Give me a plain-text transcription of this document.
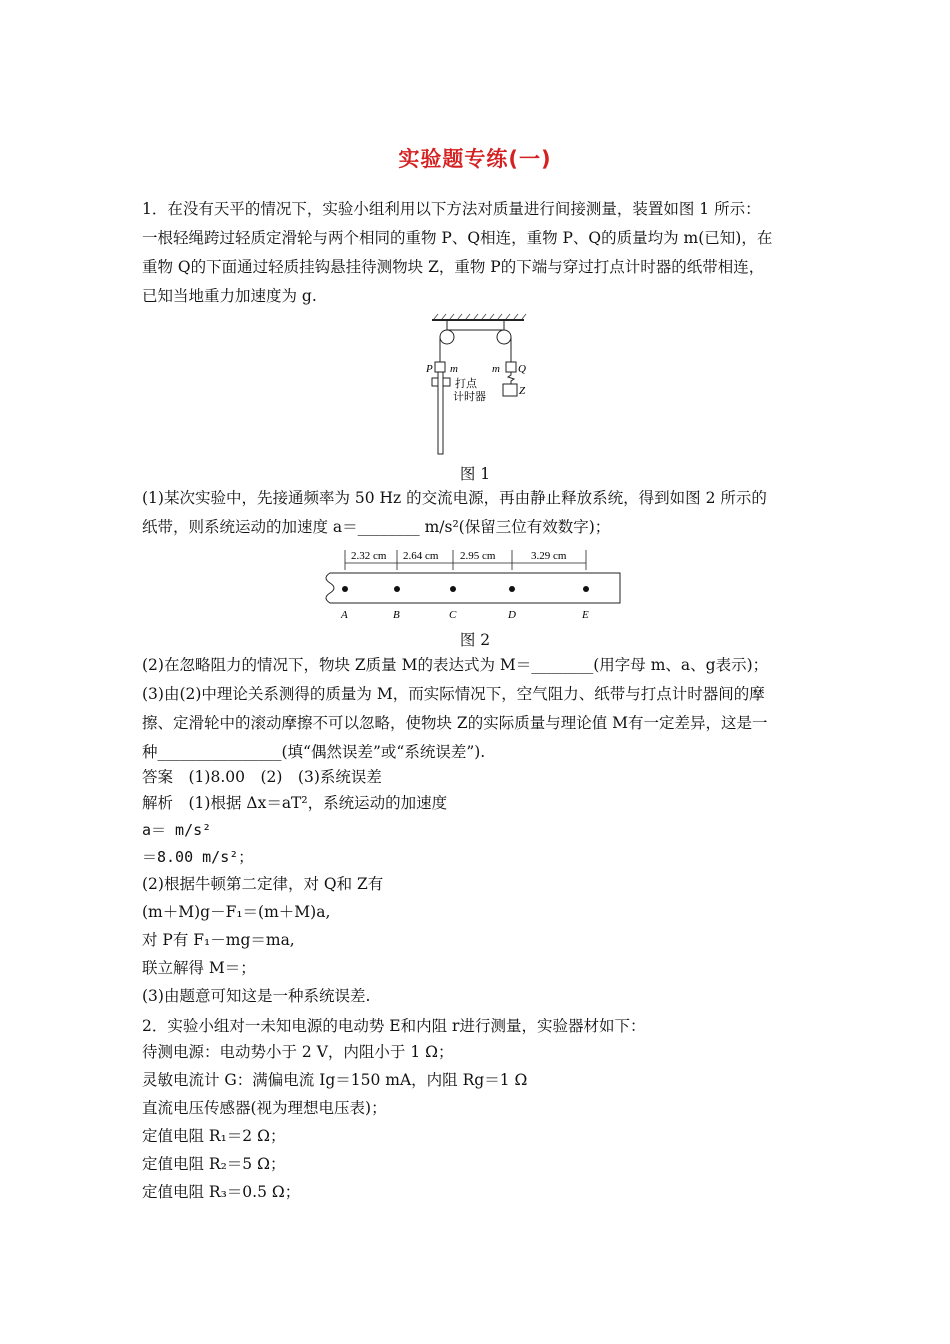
实验题专练(一)
1．在没有天平的情况下，实验小组利用以下方法对质量进行间接测量，装置如图 1 所示：
一根轻绳跨过轻质定滑轮与两个相同的重物 P、Q相连，重物 P、Q的质量均为 m(已知)，在
重物 Q的下面通过轻质挂钩悬挂待测物块 Z，重物 P的下端与穿过打点计时器的纸带相连，
已知当地重力加速度为 g.
P m	m Q
Z
打点
计时器
图 1
(1)某次实验中，先接通频率为 50 Hz 的交流电源，再由静止释放系统，得到如图 2 所示的
纸带，则系统运动的加速度 a＝________ m/s²(保留三位有效数字)；
2.32 cm 2.64 cm 2.95 cm	3.29 cm
A	B	C	D	E
图 2
(2)在忽略阻力的情况下，物块 Z质量 M的表达式为 M＝________(用字母 m、a、g表示)；
(3)由(2)中理论关系测得的质量为 M，而实际情况下，空气阻力、纸带与打点计时器间的摩
擦、定滑轮中的滚动摩擦不可以忽略，使物块 Z的实际质量与理论值 M有一定差异，这是一
种________________(填“偶然误差”或“系统误差”).
答案　(1)8.00　(2)　(3)系统误差
解析　(1)根据 Δx＝aT²，系统运动的加速度
a＝ m/s²
＝8.00 m/s²；
(2)根据牛顿第二定律，对 Q和 Z有
(m＋M)g－F₁＝(m＋M)a,
对 P有 F₁－mg＝ma,
联立解得 M＝；
(3)由题意可知这是一种系统误差.
2．实验小组对一未知电源的电动势 E和内阻 r进行测量，实验器材如下：
待测电源：电动势小于 2 V，内阻小于 1 Ω；
灵敏电流计 G：满偏电流 Ig＝150 mA，内阻 Rg＝1 Ω
直流电压传感器(视为理想电压表)；
定值电阻 R₁＝2 Ω；
定值电阻 R₂＝5 Ω；
定值电阻 R₃＝0.5 Ω；
